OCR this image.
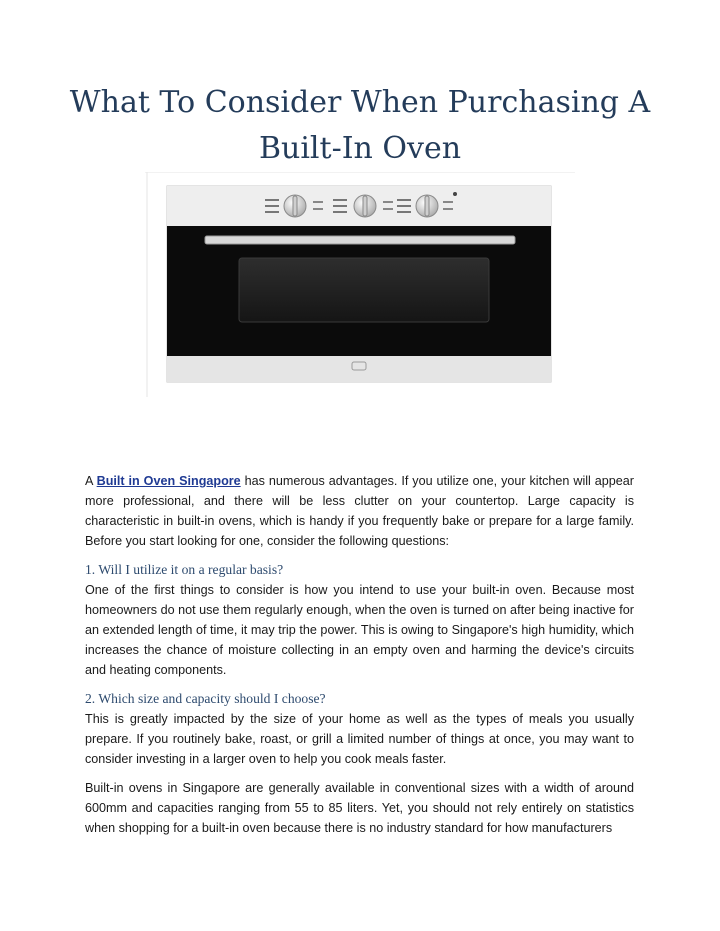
What To Consider When Purchasing A
Built-In Oven

A Built in Oven Singapore has numerous advantages. If you utilize one, your kitchen will appear more professional, and there will be less clutter on your countertop. Large capacity is characteristic in built-in ovens, which is handy if you frequently bake or prepare for a large family. Before you start looking for one, consider the following questions:

1. Will I utilize it on a regular basis?

One of the first things to consider is how you intend to use your built-in oven. Because most homeowners do not use them regularly enough, when the oven is turned on after being inactive for an extended length of time, it may trip the power. This is owing to Singapore's high humidity, which increases the chance of moisture collecting in an empty oven and harming the device's circuits and heating components.

2. Which size and capacity should I choose?

This is greatly impacted by the size of your home as well as the types of meals you usually prepare. If you routinely bake, roast, or grill a limited number of things at once, you may want to consider investing in a larger oven to help you cook meals faster.

Built-in ovens in Singapore are generally available in conventional sizes with a width of around 600mm and capacities ranging from 55 to 85 liters. Yet, you should not rely entirely on statistics when shopping for a built-in oven because there is no industry standard for how manufacturers
